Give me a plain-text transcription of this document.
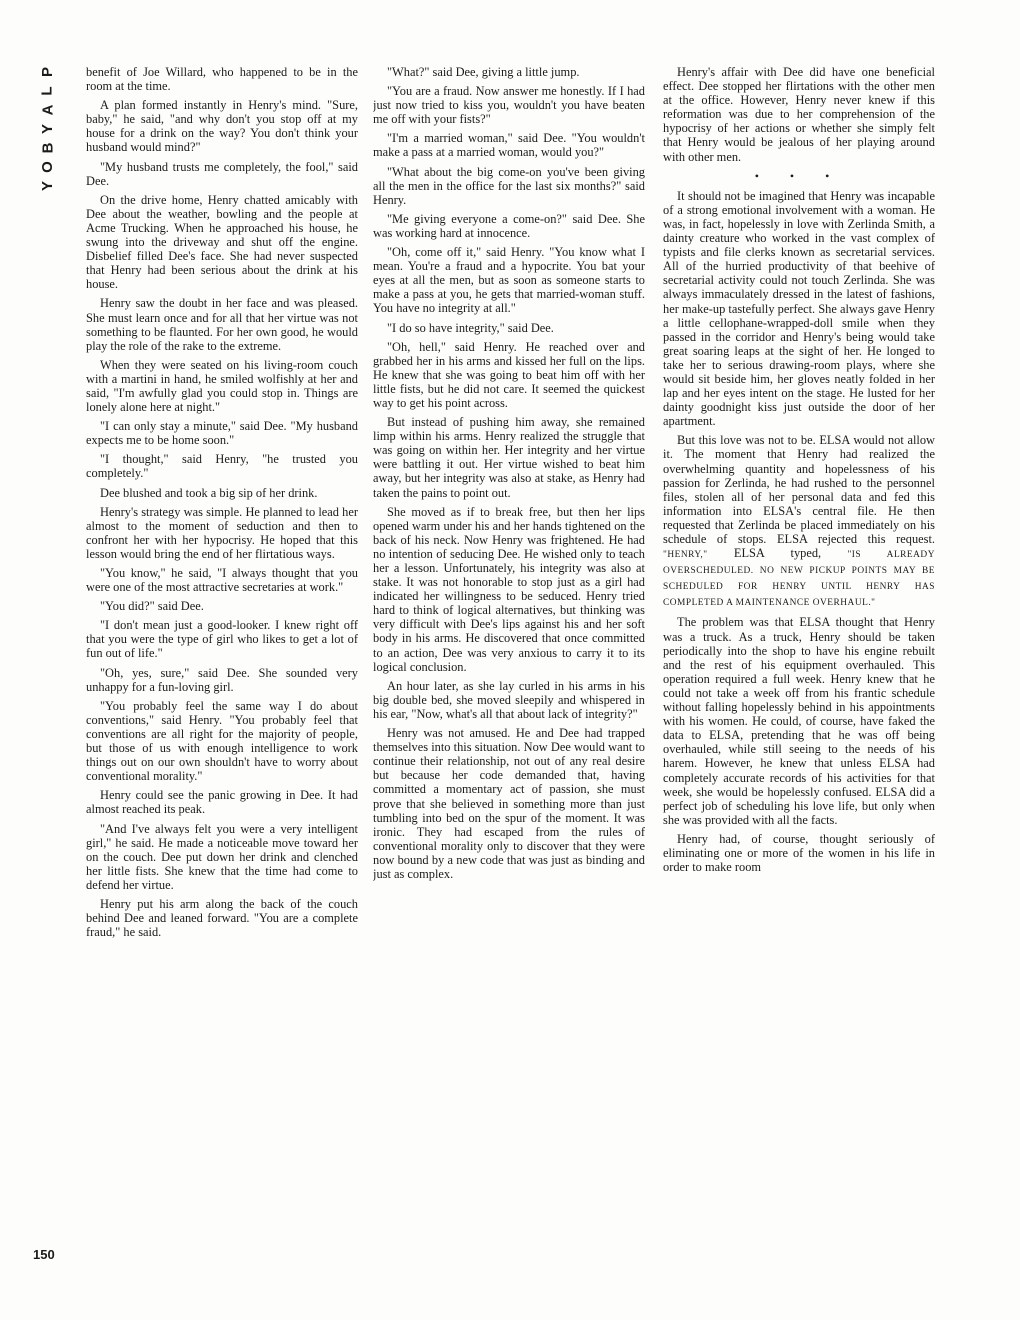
P
L
A
Y
B
O
Y
150

benefit of Joe Willard, who happened to be in the room at the time.

A plan formed instantly in Henry's mind. "Sure, baby," he said, "and why don't you stop off at my house for a drink on the way? You don't think your husband would mind?"

"My husband trusts me completely, the fool," said Dee.

On the drive home, Henry chatted amicably with Dee about the weather, bowling and the people at Acme Trucking. When he approached his house, he swung into the driveway and shut off the engine. Disbelief filled Dee's face. She had never suspected that Henry had been serious about the drink at his house.

Henry saw the doubt in her face and was pleased. She must learn once and for all that her virtue was not something to be flaunted. For her own good, he would play the role of the rake to the extreme.

When they were seated on his living-room couch with a martini in hand, he smiled wolfishly at her and said, "I'm awfully glad you could stop in. Things are lonely alone here at night."

"I can only stay a minute," said Dee. "My husband expects me to be home soon."

"I thought," said Henry, "he trusted you completely."

Dee blushed and took a big sip of her drink.

Henry's strategy was simple. He planned to lead her almost to the moment of seduction and then to confront her with her hypocrisy. He hoped that this lesson would bring the end of her flirtatious ways.

"You know," he said, "I always thought that you were one of the most attractive secretaries at work."

"You did?" said Dee.

"I don't mean just a good-looker. I knew right off that you were the type of girl who likes to get a lot of fun out of life."

"Oh, yes, sure," said Dee. She sounded very unhappy for a fun-loving girl.

"You probably feel the same way I do about conventions," said Henry. "You probably feel that conventions are all right for the majority of people, but those of us with enough intelligence to work things out on our own shouldn't have to worry about conventional morality."

Henry could see the panic growing in Dee. It had almost reached its peak.

"And I've always felt you were a very intelligent girl," he said. He made a noticeable move toward her on the couch. Dee put down her drink and clenched her little fists. She knew that the time had come to defend her virtue.

Henry put his arm along the back of the couch behind Dee and leaned forward. "You are a complete fraud," he said.

"What?" said Dee, giving a little jump.

"You are a fraud. Now answer me honestly. If I had just now tried to kiss you, wouldn't you have beaten me off with your fists?"

"I'm a married woman," said Dee. "You wouldn't make a pass at a married woman, would you?"

"What about the big come-on you've been giving all the men in the office for the last six months?" said Henry.

"Me giving everyone a come-on?" said Dee. She was working hard at innocence.

"Oh, come off it," said Henry. "You know what I mean. You're a fraud and a hypocrite. You bat your eyes at all the men, but as soon as someone starts to make a pass at you, he gets that married-woman stuff. You have no integrity at all."

"I do so have integrity," said Dee.

"Oh, hell," said Henry. He reached over and grabbed her in his arms and kissed her full on the lips. He knew that she was going to beat him off with her little fists, but he did not care. It seemed the quickest way to get his point across.

But instead of pushing him away, she remained limp within his arms. Henry realized the struggle that was going on within her. Her integrity and her virtue were battling it out. Her virtue wished to beat him away, but her integrity was also at stake, as Henry had taken the pains to point out.

She moved as if to break free, but then her lips opened warm under his and her hands tightened on the back of his neck. Now Henry was frightened. He had no intention of seducing Dee. He wished only to teach her a lesson. Unfortunately, his integrity was also at stake. It was not honorable to stop just as a girl had indicated her willingness to be seduced. Henry tried hard to think of logical alternatives, but thinking was very difficult with Dee's lips against his and her soft body in his arms. He discovered that once committed to an action, Dee was very anxious to carry it to its logical conclusion.

An hour later, as she lay curled in his arms in his big double bed, she moved sleepily and whispered in his ear, "Now, what's all that about lack of integrity?"

Henry was not amused. He and Dee had trapped themselves into this situation. Now Dee would want to continue their relationship, not out of any real desire but because her code demanded that, having committed a momentary act of passion, she must prove that she believed in something more than just tumbling into bed on the spur of the moment. It was ironic. They had escaped from the rules of conventional morality only to discover that they were now bound by a new code that was just as binding and just as complex.

Henry's affair with Dee did have one beneficial effect. Dee stopped her flirtations with the other men at the office. However, Henry never knew if this reformation was due to her comprehension of the hypocrisy of her actions or whether she simply felt that Henry would be jealous of her playing around with other men.

• • •

It should not be imagined that Henry was incapable of a strong emotional involvement with a woman. He was, in fact, hopelessly in love with Zerlinda Smith, a dainty creature who worked in the vast complex of typists and file clerks known as secretarial services. All of the hurried productivity of that beehive of secretarial activity could not touch Zerlinda. She was always immaculately dressed in the latest of fashions, her make-up tastefully perfect. She always gave Henry a little cellophane-wrapped-doll smile when they passed in the corridor and Henry's being would take great soaring leaps at the sight of her. He longed to take her to serious drawing-room plays, where she would sit beside him, her gloves neatly folded in her lap and her eyes intent on the stage. He lusted for her dainty goodnight kiss just outside the door of her apartment.

But this love was not to be. ELSA would not allow it. The moment that Henry had realized the overwhelming quantity and hopelessness of his passion for Zerlinda, he had rushed to the personnel files, stolen all of her personal data and fed this information into ELSA's central file. He then requested that Zerlinda be placed immediately on his schedule of stops. ELSA rejected this request. "HENRY," ELSA typed,	"IS ALREADY OVERSCHEDULED. NO NEW PICKUP POINTS MAY BE SCHEDULED FOR HENRY UNTIL HENRY HAS COMPLETED A MAINTENANCE OVERHAUL."

The problem was that ELSA thought that Henry was a truck. As a truck, Henry should be taken periodically into the shop to have his engine rebuilt and the rest of his equipment overhauled. This operation required a full week. Henry knew that he could not take a week off from his frantic schedule without falling hopelessly behind in his appointments with his women. He could, of course, have faked the data to ELSA, pretending that he was off being overhauled, while still seeing to the needs of his harem. However, he knew that unless ELSA had completely accurate records of his activities for that week, she would be hopelessly confused. ELSA did a perfect job of scheduling his love life, but only when she was provided with all the facts.

Henry had, of course, thought seriously of eliminating one or more of the women in his life in order to make room
